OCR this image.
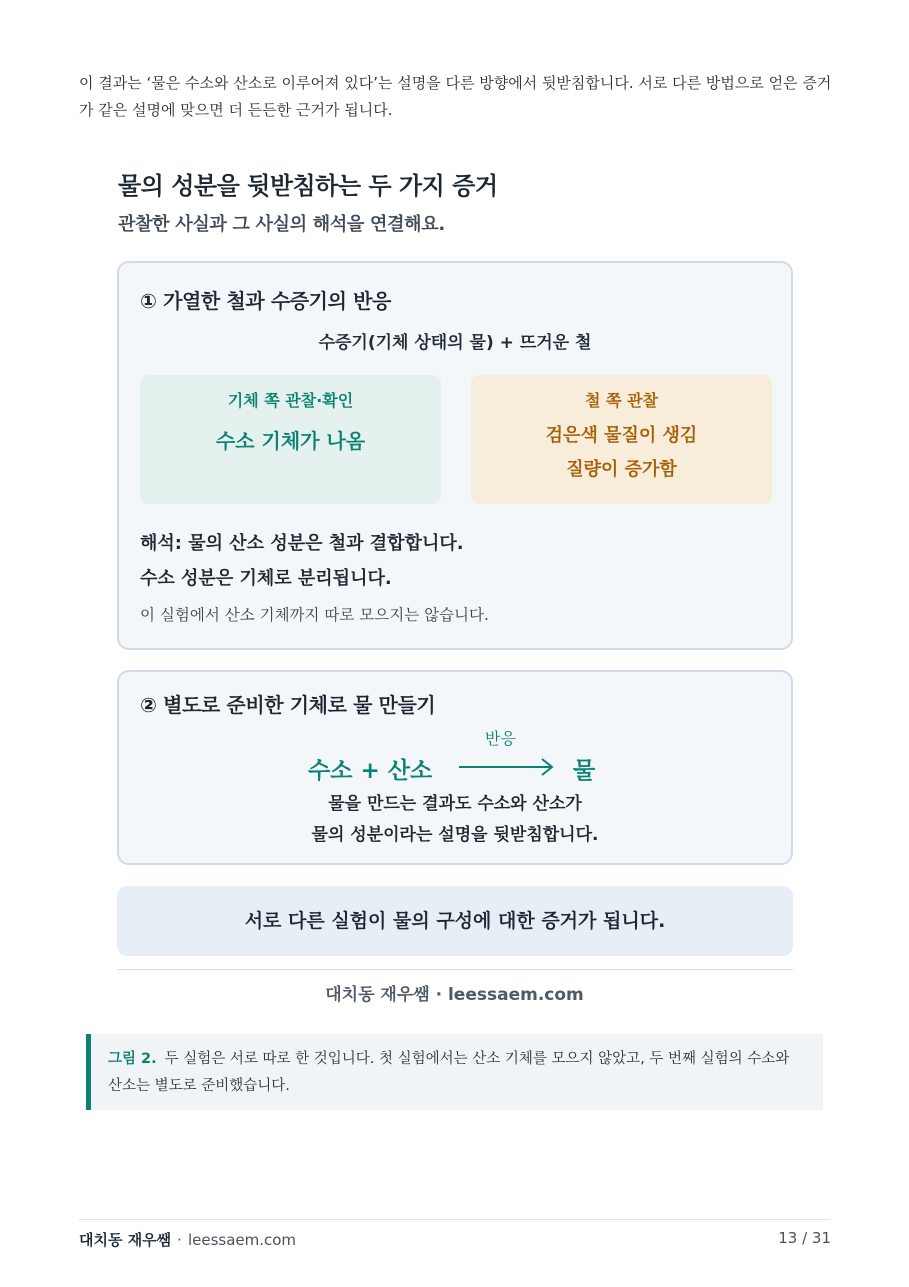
이 결과는 ‘물은 수소와 산소로 이루어져 있다’는 설명을 다른 방향에서 뒷받침합니다. 서로 다른 방법으로 얻은 증거가 같은 설명에 맞으면 더 든든한 근거가 됩니다.

물의 성분을 뒷받침하는 두 가지 증거
관찰한 사실과 그 사실의 해석을 연결해요.
① 가열한 철과 수증기의 반응
수증기(기체 상태의 물) + 뜨거운 철
기체 쪽 관찰·확인
수소 기체가 나옴
철 쪽 관찰
검은색 물질이 생김
질량이 증가함
해석: 물의 산소 성분은 철과 결합합니다.
수소 성분은 기체로 분리됩니다.
이 실험에서 산소 기체까지 따로 모으지는 않습니다.
② 별도로 준비한 기체로 물 만들기
반응
수소 + 산소	물
물을 만드는 결과도 수소와 산소가
물의 성분이라는 설명을 뒷받침합니다.
서로 다른 실험이 물의 구성에 대한 증거가 됩니다.
대치동 재우쌤 · leessaem.com
그림 2. 두 실험은 서로 따로 한 것입니다. 첫 실험에서는 산소 기체를 모으지 않았고, 두 번째 실험의 수소와 산소는 별도로 준비했습니다.
대치동 재우쌤 · leessaem.com	13 / 31
